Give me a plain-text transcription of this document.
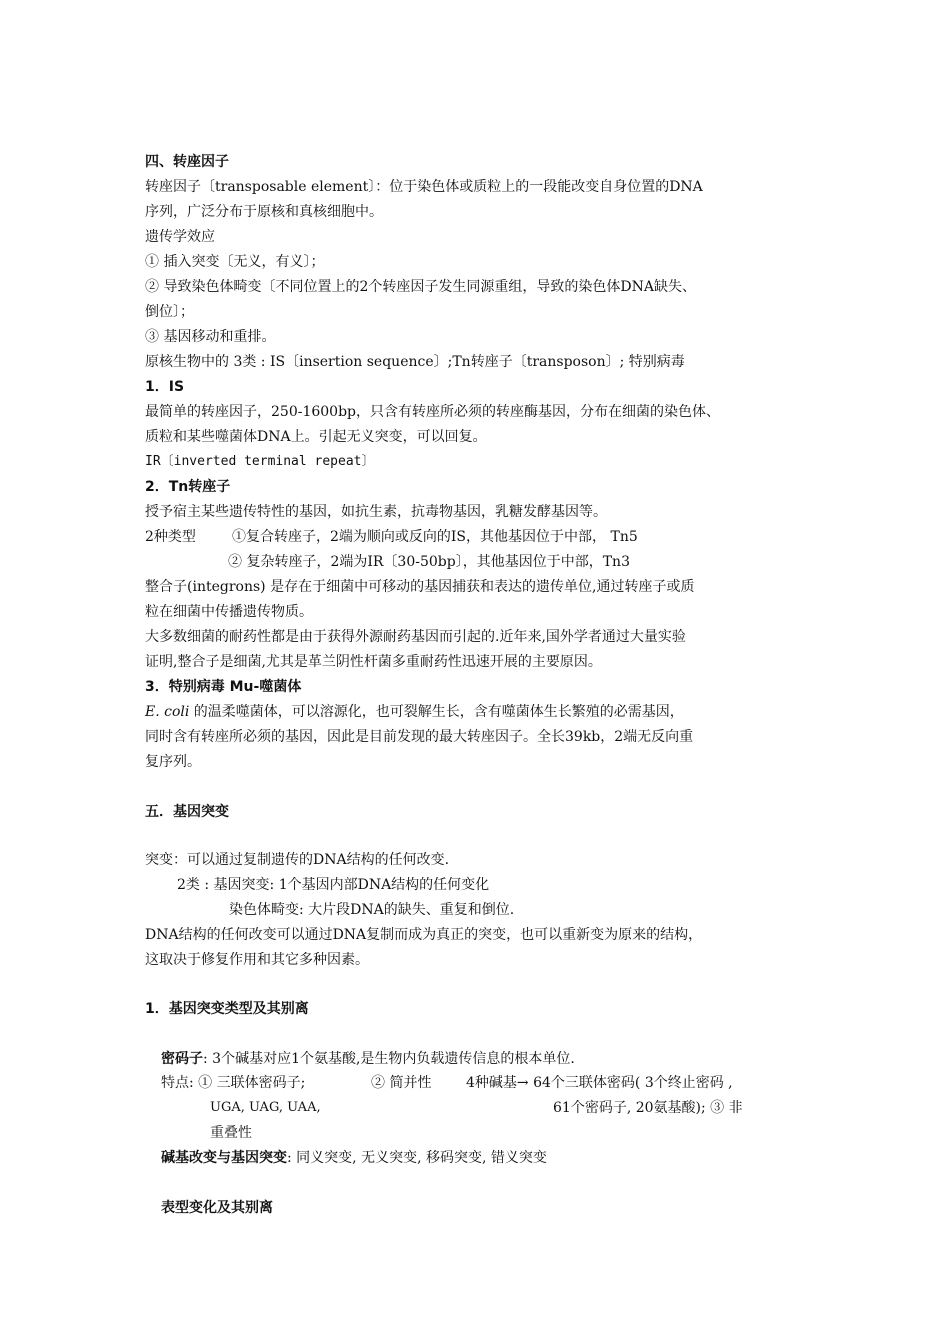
四、转座因子
转座因子〔transposable element〕：位于染色体或质粒上的一段能改变自身位置的DNA
序列，广泛分布于原核和真核细胞中。
遗传学效应
① 插入突变〔无义，有义〕；
② 导致染色体畸变〔不同位置上的2个转座因子发生同源重组，导致的染色体DNA缺失、
倒位〕；
③ 基因移动和重排。
原核生物中的 3类 : IS〔insertion sequence〕;Tn转座子〔transposon〕; 特别病毒
1．IS
最简单的转座因子，250-1600bp，只含有转座所必须的转座酶基因，分布在细菌的染色体、
质粒和某些噬菌体DNA上。引起无义突变，可以回复。
IR〔inverted terminal repeat〕
2．Tn转座子
授予宿主某些遗传特性的基因，如抗生素，抗毒物基因，乳糖发酵基因等。
2种类型	①复合转座子，2端为顺向或反向的IS，其他基因位于中部， Tn5
② 复杂转座子，2端为IR〔30-50bp〕，其他基因位于中部，Tn3
整合子(integrons) 是存在于细菌中可移动的基因捕获和表达的遗传单位,通过转座子或质
粒在细菌中传播遗传物质。
大多数细菌的耐药性都是由于获得外源耐药基因而引起的.近年来,国外学者通过大量实验
证明,整合子是细菌,尤其是革兰阴性杆菌多重耐药性迅速开展的主要原因。
3．特别病毒 Mu-噬菌体
E. coli 的温柔噬菌体，可以溶源化，也可裂解生长，含有噬菌体生长繁殖的必需基因，
同时含有转座所必须的基因，因此是目前发现的最大转座因子。全长39kb，2端无反向重
复序列。
五．基因突变
突变：可以通过复制遗传的DNA结构的任何改变.
2类 : 基因突变: 1个基因内部DNA结构的任何变化
染色体畸变: 大片段DNA的缺失、重复和倒位.
DNA结构的任何改变可以通过DNA复制而成为真正的突变，也可以重新变为原来的结构，
这取决于修复作用和其它多种因素。
1．基因突变类型及其别离
密码子: 3个碱基对应1个氨基酸,是生物内负载遗传信息的根本单位.
特点: ① 三联体密码子;	② 简并性 4种碱基→ 64个三联体密码( 3个终止密码 ,
UGA, UAG, UAA,	61个密码子, 20氨基酸); ③ 非
重叠性
碱基改变与基因突变: 同义突变, 无义突变, 移码突变, 错义突变
表型变化及其别离
